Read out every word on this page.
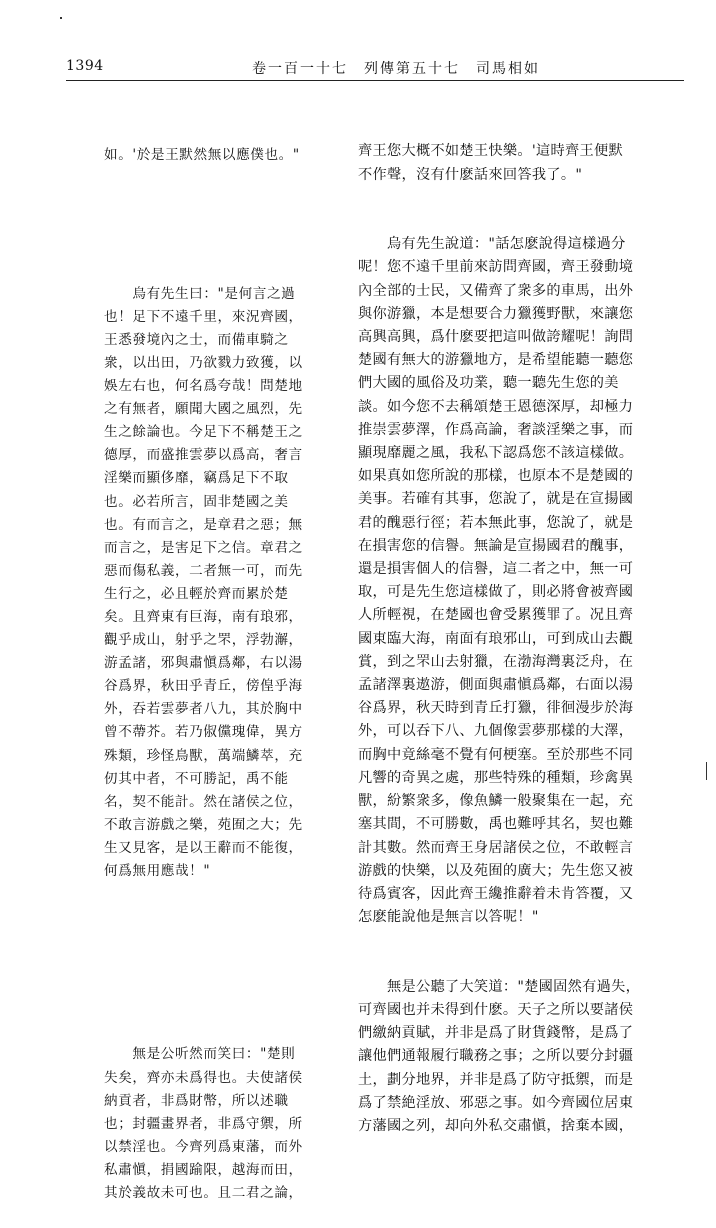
1394	卷一百一十七　列傳第五十七　司馬相如

如。'於是王默然無以應僕也。"

　　烏有先生曰："是何言之過
也！足下不遠千里，來況齊國，
王悉發境內之士，而備車騎之
衆，以出田，乃欲戮力致獲，以
娛左右也，何名爲夸哉！問楚地
之有無者，願聞大國之風烈，先
生之餘論也。今足下不稱楚王之
德厚，而盛推雲夢以爲高，奢言
淫樂而顯侈靡，竊爲足下不取
也。必若所言，固非楚國之美
也。有而言之，是章君之惡；無
而言之，是害足下之信。章君之
惡而傷私義，二者無一可，而先
生行之，必且輕於齊而累於楚
矣。且齊東有巨海，南有琅邪，
觀乎成山，射乎之罘，浮勃澥，
游孟諸，邪與肅愼爲鄰，右以湯
谷爲界，秋田乎青丘，傍偟乎海
外，吞若雲夢者八九，其於胸中
曾不蔕芥。若乃俶儻瑰偉，異方
殊類，珍怪鳥獸，萬端鱗萃，充
仞其中者，不可勝記，禹不能
名，契不能計。然在諸侯之位，
不敢言游戲之樂，苑囿之大；先
生又見客，是以王辭而不能復，
何爲無用應哉！"

　　無是公听然而笑曰："楚則
失矣，齊亦未爲得也。夫使諸侯
納貢者，非爲財幣，所以述職
也；封疆畫界者，非爲守禦，所
以禁淫也。今齊列爲東藩，而外
私肅愼，捐國踰限，越海而田，
其於義故未可也。且二君之論，

齊王您大概不如楚王快樂。'這時齊王便默
不作聲，沒有什麽話來回答我了。"

　　烏有先生說道："話怎麽說得這樣過分
呢！您不遠千里前來訪問齊國，齊王發動境
內全部的士民，又備齊了衆多的車馬，出外
與你游獵，本是想要合力獵獲野獸，來讓您
高興高興，爲什麽要把這叫做誇耀呢！詢問
楚國有無大的游獵地方，是希望能聽一聽您
們大國的風俗及功業，聽一聽先生您的美
談。如今您不去稱頌楚王恩德深厚，却極力
推崇雲夢澤，作爲高論，奢談淫樂之事，而
顯現靡麗之風，我私下認爲您不該這樣做。
如果真如您所說的那樣，也原本不是楚國的
美事。若確有其事，您說了，就是在宣揚國
君的醜惡行徑；若本無此事，您說了，就是
在損害您的信譽。無論是宣揚國君的醜事，
還是損害個人的信譽，這二者之中，無一可
取，可是先生您這樣做了，則必將會被齊國
人所輕視，在楚國也會受累獲罪了。况且齊
國東臨大海，南面有琅邪山，可到成山去觀
賞，到之罘山去射獵，在渤海灣裏泛舟，在
孟諸澤裏遨游，側面與肅愼爲鄰，右面以湯
谷爲界，秋天時到青丘打獵，徘徊漫步於海
外，可以吞下八、九個像雲夢那樣的大澤，
而胸中竟絲毫不覺有何梗塞。至於那些不同
凡響的奇異之處，那些特殊的種類，珍禽異
獸，紛繁衆多，像魚鱗一般聚集在一起，充
塞其間，不可勝數，禹也難呼其名，契也難
計其數。然而齊王身居諸侯之位，不敢輕言
游戲的快樂，以及苑囿的廣大；先生您又被
待爲賓客，因此齊王纔推辭着未肯答覆，又
怎麽能說他是無言以答呢！"

　　無是公聽了大笑道："楚國固然有過失，
可齊國也并未得到什麽。天子之所以要諸侯
們繳納貢賦，并非是爲了財貨錢幣，是爲了
讓他們通報履行職務之事；之所以要分封疆
土，劃分地界，并非是爲了防守抵禦，而是
爲了禁絶淫放、邪惡之事。如今齊國位居東
方藩國之列，却向外私交肅愼，捨棄本國，
